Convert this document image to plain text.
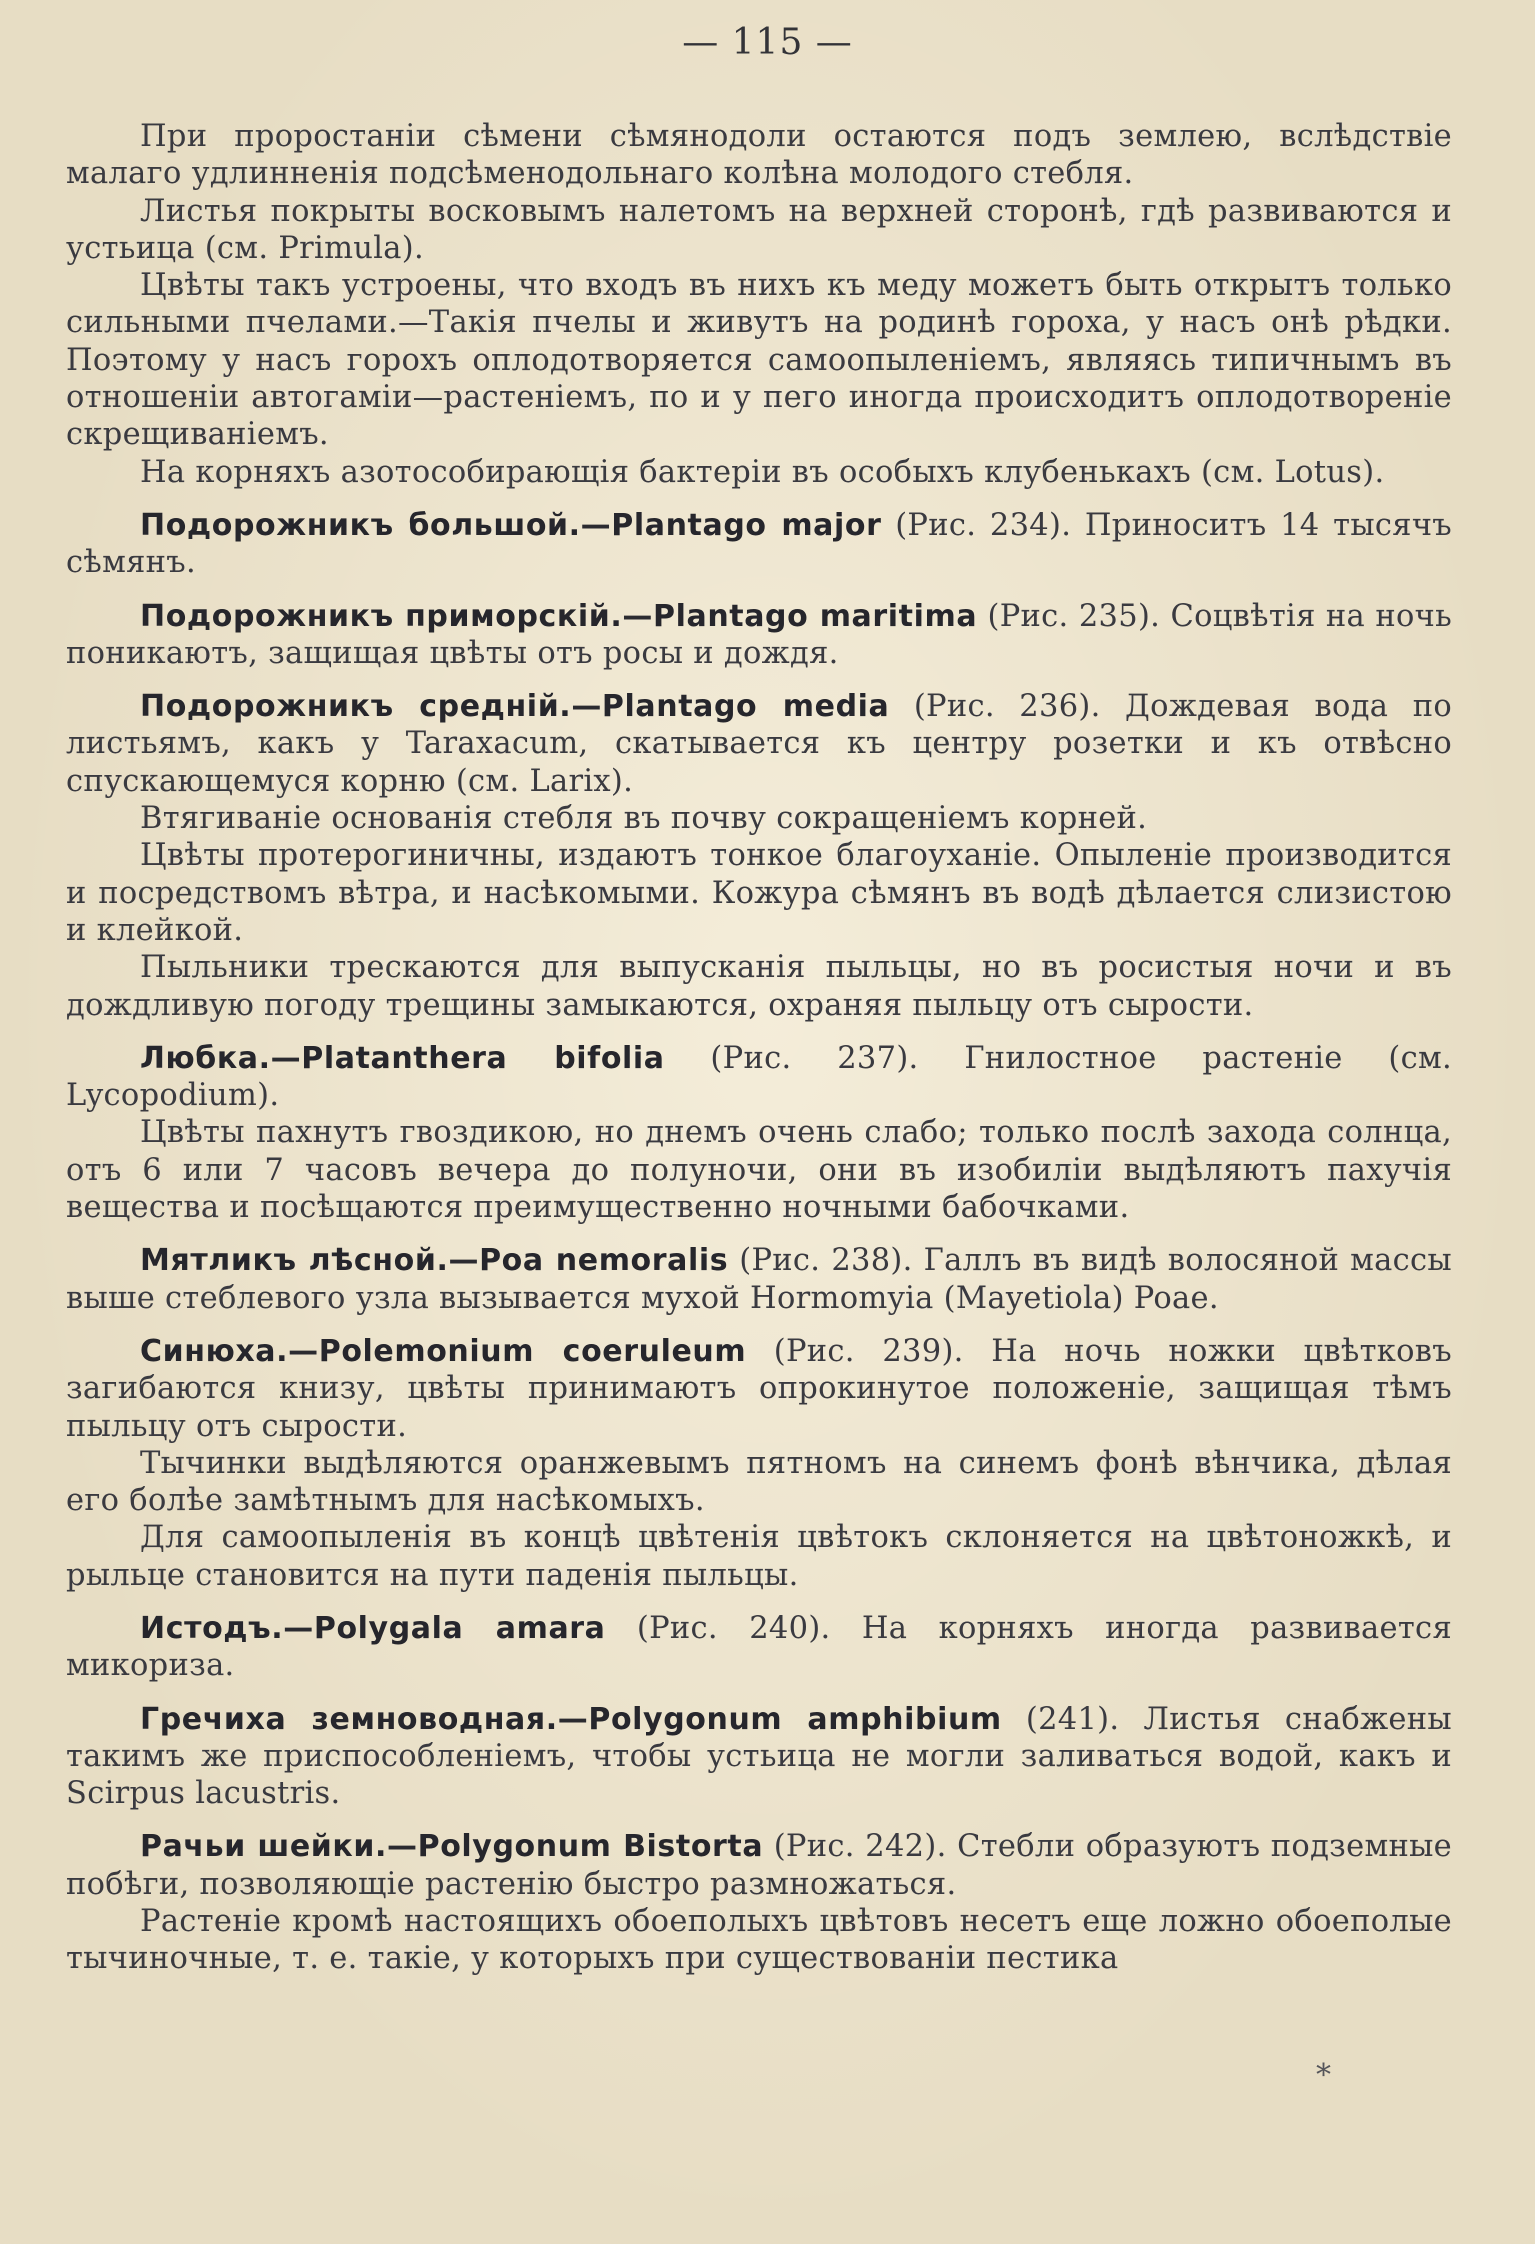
— 115 —

При проростаніи сѣмени сѣмянодоли остаются подъ землею, вслѣдствіе малаго удлинненія подсѣменодольнаго колѣна молодого стебля.

Листья покрыты восковымъ налетомъ на верхней сторонѣ, гдѣ развиваются и устьица (см. Primula).

Цвѣты такъ устроены, что входъ въ нихъ къ меду можетъ быть открытъ только сильными пчелами.—Такія пчелы и живутъ на родинѣ гороха, у насъ онѣ рѣдки. Поэтому у насъ горохъ оплодотворяется самоопыленіемъ, являясь типичнымъ въ отношеніи автогаміи—растеніемъ, по и у пего иногда происходитъ оплодотвореніе скрещиваніемъ.

На корняхъ азотособирающія бактеріи въ особыхъ клубенькахъ (см. Lotus).

Подорожникъ большой.—Plantago major (Рис. 234). Приноситъ 14 тысячъ сѣмянъ.

Подорожникъ приморскій.—Plantago maritima (Рис. 235). Соцвѣтія на ночь поникаютъ, защищая цвѣты отъ росы и дождя.

Подорожникъ средній.—Plantago media (Рис. 236). Дождевая вода по листьямъ, какъ у Taraxacum, скатывается къ центру розетки и къ отвѣсно спускающемуся корню (см. Larix).

Втягиваніе основанія стебля въ почву сокращеніемъ корней.

Цвѣты протерогиничны, издаютъ тонкое благоуханіе. Опыленіе производится и посредствомъ вѣтра, и насѣкомыми. Кожура сѣмянъ въ водѣ дѣлается слизистою и клейкой.

Пыльники трескаются для выпусканія пыльцы, но въ росистыя ночи и въ дождливую погоду трещины замыкаются, охраняя пыльцу отъ сырости.

Любка.—Platanthera bifolia (Рис. 237). Гнилостное растеніе (см. Lycopodium).

Цвѣты пахнутъ гвоздикою, но днемъ очень слабо; только послѣ захода солнца, отъ 6 или 7 часовъ вечера до полуночи, они въ изобиліи выдѣляютъ пахучія вещества и посѣщаются преимущественно ночными бабочками.

Мятликъ лѣсной.—Poa nemoralis (Рис. 238). Галлъ въ видѣ волосяной массы выше стеблевого узла вызывается мухой Hormomyia (Mayetiola) Poae.

Синюха.—Polemonium coeruleum (Рис. 239). На ночь ножки цвѣтковъ загибаются книзу, цвѣты принимаютъ опрокинутое положеніе, защищая тѣмъ пыльцу отъ сырости.

Тычинки выдѣляются оранжевымъ пятномъ на синемъ фонѣ вѣнчика, дѣлая его болѣе замѣтнымъ для насѣкомыхъ.

Для самоопыленія въ концѣ цвѣтенія цвѣтокъ склоняется на цвѣтоножкѣ, и рыльце становится на пути паденія пыльцы.

Истодъ.—Polygala amara (Рис. 240). На корняхъ иногда развивается микориза.

Гречиха земноводная.—Polygonum amphibium (241). Листья снабжены такимъ же приспособленіемъ, чтобы устьица не могли заливаться водой, какъ и Scirpus lacustris.

Рачьи шейки.—Polygonum Bistorta (Рис. 242). Стебли образуютъ подземные побѣги, позволяющіе растенію быстро размножаться.

Растеніе кромѣ настоящихъ обоеполыхъ цвѣтовъ несетъ еще ложно обоеполые тычиночные, т. е. такіе, у которыхъ при существованіи пестика

*
